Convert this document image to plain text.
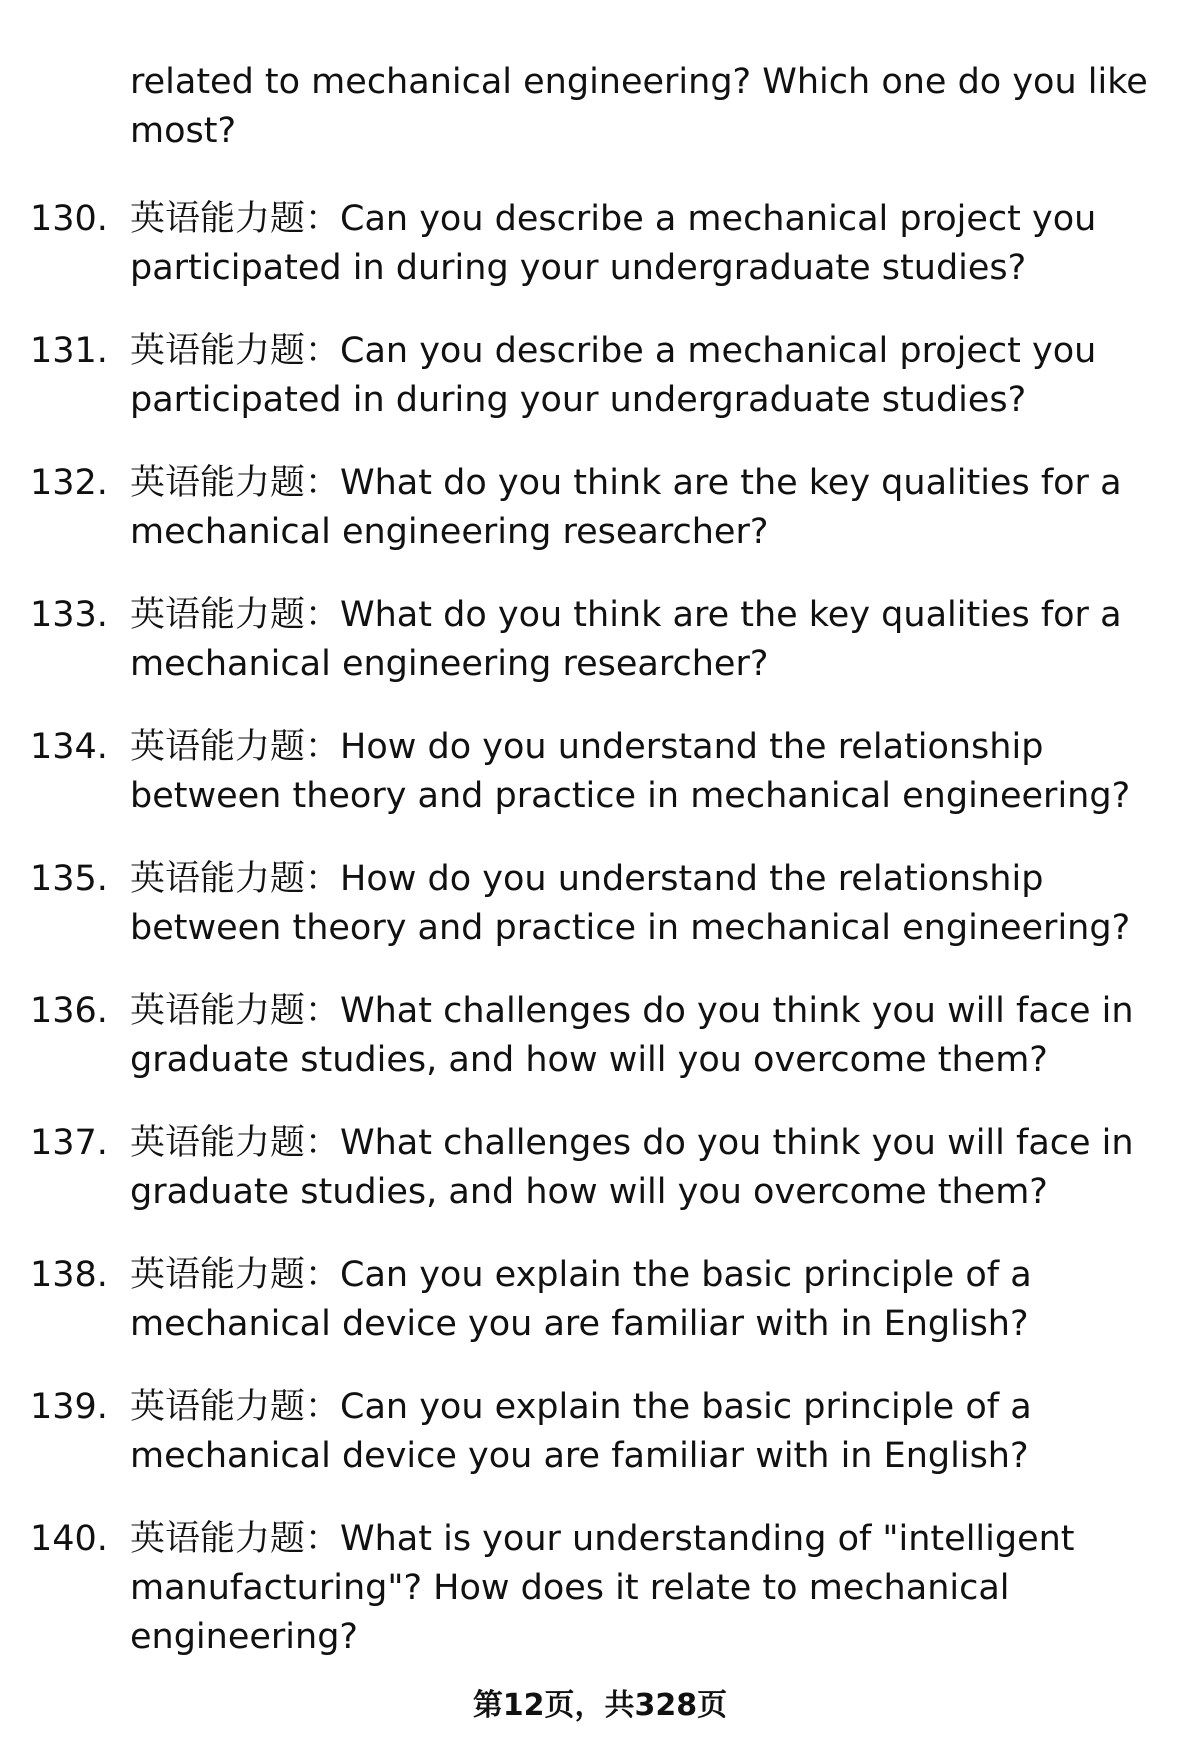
related to mechanical engineering? Which one do you like most?
130. 英语能力题：Can you describe a mechanical project you participated in during your undergraduate studies?
131. 英语能力题：Can you describe a mechanical project you participated in during your undergraduate studies?
132. 英语能力题：What do you think are the key qualities for a mechanical engineering researcher?
133. 英语能力题：What do you think are the key qualities for a mechanical engineering researcher?
134. 英语能力题：How do you understand the relationship between theory and practice in mechanical engineering?
135. 英语能力题：How do you understand the relationship between theory and practice in mechanical engineering?
136. 英语能力题：What challenges do you think you will face in graduate studies, and how will you overcome them?
137. 英语能力题：What challenges do you think you will face in graduate studies, and how will you overcome them?
138. 英语能力题：Can you explain the basic principle of a mechanical device you are familiar with in English?
139. 英语能力题：Can you explain the basic principle of a mechanical device you are familiar with in English?
140. 英语能力题：What is your understanding of "intelligent manufacturing"? How does it relate to mechanical engineering?
第12页，共328页
